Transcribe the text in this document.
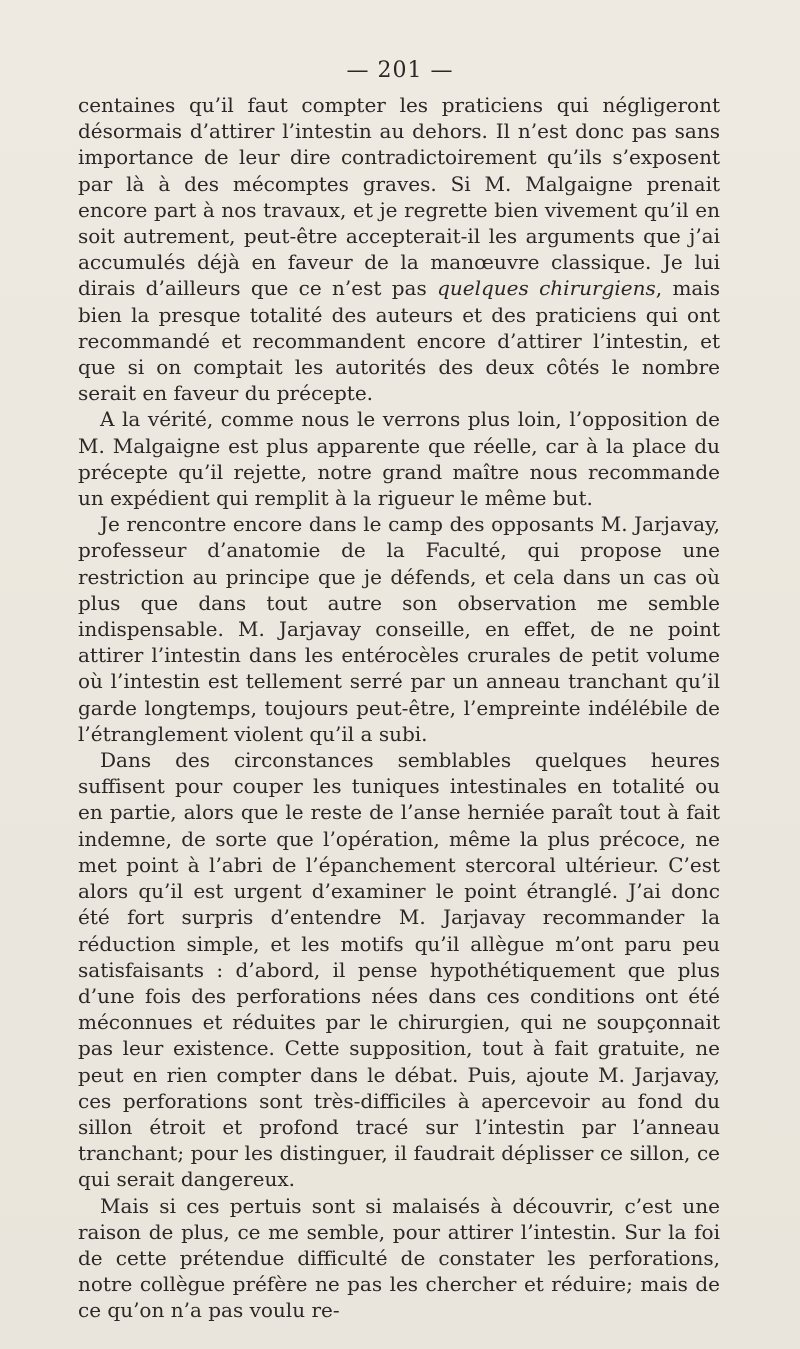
— 201 —

centaines qu’il faut compter les praticiens qui négligeront désormais d’attirer l’intestin au dehors. Il n’est donc pas sans importance de leur dire contradictoirement qu’ils s’exposent par là à des mécomptes graves. Si M. Malgaigne prenait encore part à nos travaux, et je regrette bien vivement qu’il en soit autrement, peut-être accepterait-il les arguments que j’ai accumulés déjà en faveur de la manœuvre classique. Je lui dirais d’ailleurs que ce n’est pas quelques chirurgiens, mais bien la presque totalité des auteurs et des praticiens qui ont recommandé et recommandent encore d’attirer l’intestin, et que si on comptait les autorités des deux côtés le nombre serait en faveur du précepte.

A la vérité, comme nous le verrons plus loin, l’opposition de M. Malgaigne est plus apparente que réelle, car à la place du précepte qu’il rejette, notre grand maître nous recommande un expédient qui remplit à la rigueur le même but.

Je rencontre encore dans le camp des opposants M. Jarjavay, professeur d’anatomie de la Faculté, qui propose une restriction au principe que je défends, et cela dans un cas où plus que dans tout autre son observation me semble indispensable. M. Jarjavay conseille, en effet, de ne point attirer l’intestin dans les entérocèles crurales de petit volume où l’intestin est tellement serré par un anneau tranchant qu’il garde longtemps, toujours peut-être, l’empreinte indélébile de l’étranglement violent qu’il a subi.

Dans des circonstances semblables quelques heures suffisent pour couper les tuniques intestinales en totalité ou en partie, alors que le reste de l’anse herniée paraît tout à fait indemne, de sorte que l’opération, même la plus précoce, ne met point à l’abri de l’épanchement stercoral ultérieur. C’est alors qu’il est urgent d’examiner le point étranglé. J’ai donc été fort surpris d’entendre M. Jarjavay recommander la réduction simple, et les motifs qu’il allègue m’ont paru peu satisfaisants : d’abord, il pense hypothétiquement que plus d’une fois des perforations nées dans ces conditions ont été méconnues et réduites par le chirurgien, qui ne soupçonnait pas leur existence. Cette supposition, tout à fait gratuite, ne peut en rien compter dans le débat. Puis, ajoute M. Jarjavay, ces perforations sont très-difficiles à apercevoir au fond du sillon étroit et profond tracé sur l’intestin par l’anneau tranchant; pour les distinguer, il faudrait déplisser ce sillon, ce qui serait dangereux.

Mais si ces pertuis sont si malaisés à découvrir, c’est une raison de plus, ce me semble, pour attirer l’intestin. Sur la foi de cette prétendue difficulté de constater les perforations, notre collègue préfère ne pas les chercher et réduire; mais de ce qu’on n’a pas voulu re-
